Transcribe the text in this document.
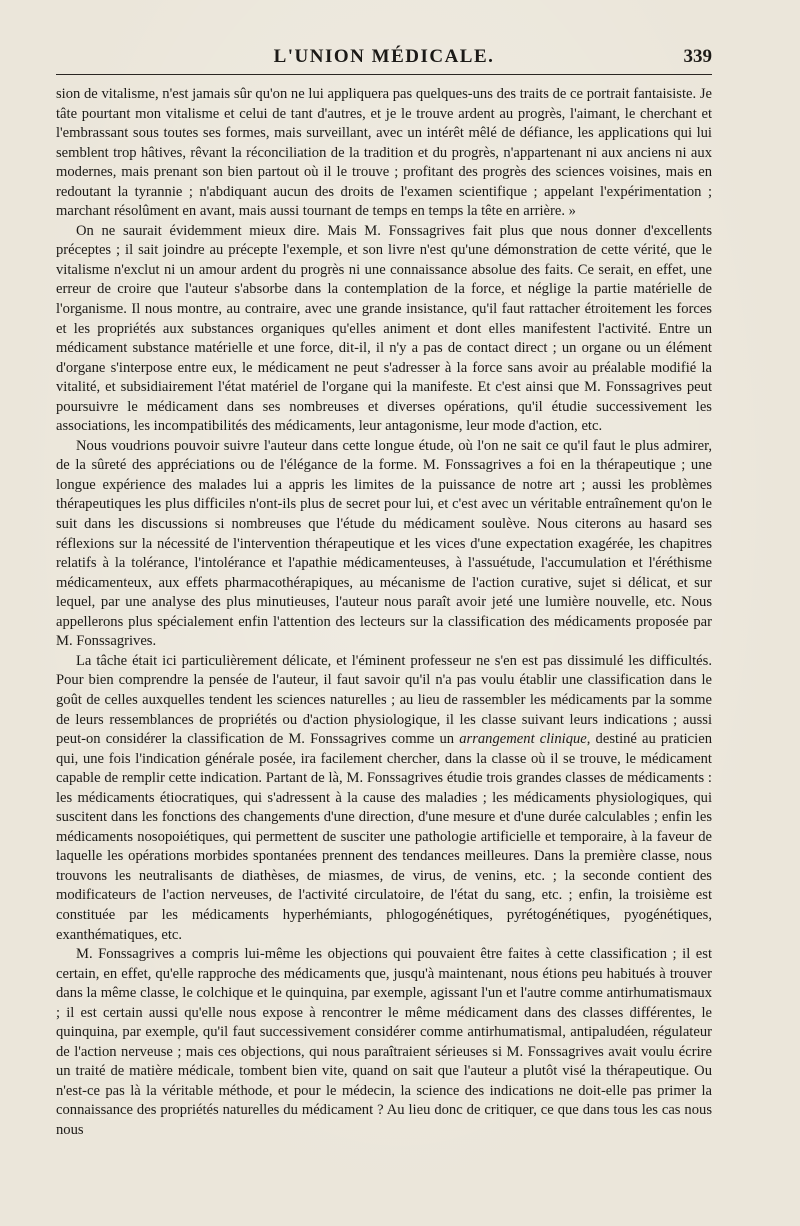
L'UNION MÉDICALE.	339

sion de vitalisme, n'est jamais sûr qu'on ne lui appliquera pas quelques-uns des traits de ce portrait fantaisiste. Je tâte pourtant mon vitalisme et celui de tant d'autres, et je le trouve ardent au progrès, l'aimant, le cherchant et l'embrassant sous toutes ses formes, mais surveillant, avec un intérêt mêlé de défiance, les applications qui lui semblent trop hâtives, rêvant la réconciliation de la tradition et du progrès, n'appartenant ni aux anciens ni aux modernes, mais prenant son bien partout où il le trouve ; profitant des progrès des sciences voisines, mais en redoutant la tyrannie ; n'abdiquant aucun des droits de l'examen scientifique ; appelant l'expérimentation ; marchant résolûment en avant, mais aussi tournant de temps en temps la tête en arrière. »

On ne saurait évidemment mieux dire. Mais M. Fonssagrives fait plus que nous donner d'excellents préceptes ; il sait joindre au précepte l'exemple, et son livre n'est qu'une démonstration de cette vérité, que le vitalisme n'exclut ni un amour ardent du progrès ni une connaissance absolue des faits. Ce serait, en effet, une erreur de croire que l'auteur s'absorbe dans la contemplation de la force, et néglige la partie matérielle de l'organisme. Il nous montre, au contraire, avec une grande insistance, qu'il faut rattacher étroitement les forces et les propriétés aux substances organiques qu'elles animent et dont elles manifestent l'activité. Entre un médicament substance matérielle et une force, dit-il, il n'y a pas de contact direct ; un organe ou un élément d'organe s'interpose entre eux, le médicament ne peut s'adresser à la force sans avoir au préalable modifié la vitalité, et subsidiairement l'état matériel de l'organe qui la manifeste. Et c'est ainsi que M. Fonssagrives peut poursuivre le médicament dans ses nombreuses et diverses opérations, qu'il étudie successivement les associations, les incompatibilités des médicaments, leur antagonisme, leur mode d'action, etc.

Nous voudrions pouvoir suivre l'auteur dans cette longue étude, où l'on ne sait ce qu'il faut le plus admirer, de la sûreté des appréciations ou de l'élégance de la forme. M. Fonssagrives a foi en la thérapeutique ; une longue expérience des malades lui a appris les limites de la puissance de notre art ; aussi les problèmes thérapeutiques les plus difficiles n'ont-ils plus de secret pour lui, et c'est avec un véritable entraînement qu'on le suit dans les discussions si nombreuses que l'étude du médicament soulève. Nous citerons au hasard ses réflexions sur la nécessité de l'intervention thérapeutique et les vices d'une expectation exagérée, les chapitres relatifs à la tolérance, l'intolérance et l'apathie médicamenteuses, à l'assuétude, l'accumulation et l'éréthisme médicamenteux, aux effets pharmacothérapiques, au mécanisme de l'action curative, sujet si délicat, et sur lequel, par une analyse des plus minutieuses, l'auteur nous paraît avoir jeté une lumière nouvelle, etc. Nous appellerons plus spécialement enfin l'attention des lecteurs sur la classification des médicaments proposée par M. Fonssagrives.

La tâche était ici particulièrement délicate, et l'éminent professeur ne s'en est pas dissimulé les difficultés. Pour bien comprendre la pensée de l'auteur, il faut savoir qu'il n'a pas voulu établir une classification dans le goût de celles auxquelles tendent les sciences naturelles ; au lieu de rassembler les médicaments par la somme de leurs ressemblances de propriétés ou d'action physiologique, il les classe suivant leurs indications ; aussi peut-on considérer la classification de M. Fonssagrives comme un arrangement clinique, destiné au praticien qui, une fois l'indication générale posée, ira facilement chercher, dans la classe où il se trouve, le médicament capable de remplir cette indication. Partant de là, M. Fonssagrives étudie trois grandes classes de médicaments : les médicaments étiocratiques, qui s'adressent à la cause des maladies ; les médicaments physiologiques, qui suscitent dans les fonctions des changements d'une direction, d'une mesure et d'une durée calculables ; enfin les médicaments nosopoiétiques, qui permettent de susciter une pathologie artificielle et temporaire, à la faveur de laquelle les opérations morbides spontanées prennent des tendances meilleures. Dans la première classe, nous trouvons les neutralisants de diathèses, de miasmes, de virus, de venins, etc. ; la seconde contient des modificateurs de l'action nerveuses, de l'activité circulatoire, de l'état du sang, etc. ; enfin, la troisième est constituée par les médicaments hyperhémiants, phlogogénétiques, pyrétogénétiques, pyogénétiques, exanthématiques, etc.

M. Fonssagrives a compris lui-même les objections qui pouvaient être faites à cette classification ; il est certain, en effet, qu'elle rapproche des médicaments que, jusqu'à maintenant, nous étions peu habitués à trouver dans la même classe, le colchique et le quinquina, par exemple, agissant l'un et l'autre comme antirhumatismaux ; il est certain aussi qu'elle nous expose à rencontrer le même médicament dans des classes différentes, le quinquina, par exemple, qu'il faut successivement considérer comme antirhumatismal, antipaludéen, régulateur de l'action nerveuse ; mais ces objections, qui nous paraîtraient sérieuses si M. Fonssagrives avait voulu écrire un traité de matière médicale, tombent bien vite, quand on sait que l'auteur a plutôt visé la thérapeutique. Ou n'est-ce pas là la véritable méthode, et pour le médecin, la science des indications ne doit-elle pas primer la connaissance des propriétés naturelles du médicament ? Au lieu donc de critiquer, ce que dans tous les cas nous nous
